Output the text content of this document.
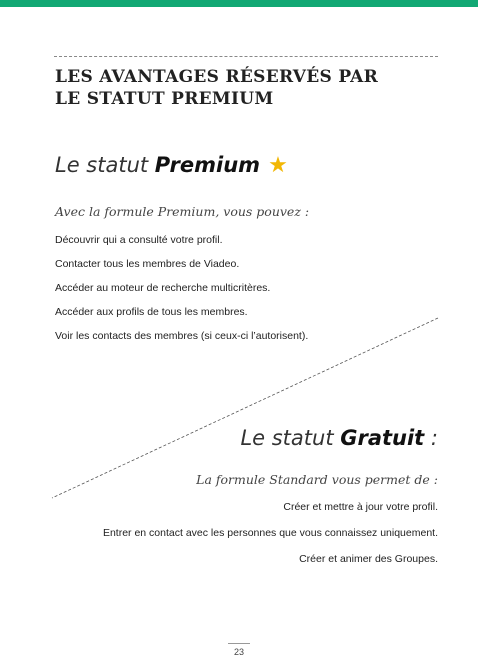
LES AVANTAGES RÉSERVÉS PAR
LE STATUT PREMIUM
Le statut Premium ★

Avec la formule Premium, vous pouvez :

Découvrir qui a consulté votre profil.
Contacter tous les membres de Viadeo.
Accéder au moteur de recherche multicritères.
Accéder aux profils de tous les membres.
Voir les contacts des membres (si ceux-ci l’autorisent).
Le statut Gratuit :

La formule Standard vous permet de :

Créer et mettre à jour votre profil.
Entrer en contact avec les personnes que vous connaissez uniquement.
Créer et animer des Groupes.
23
